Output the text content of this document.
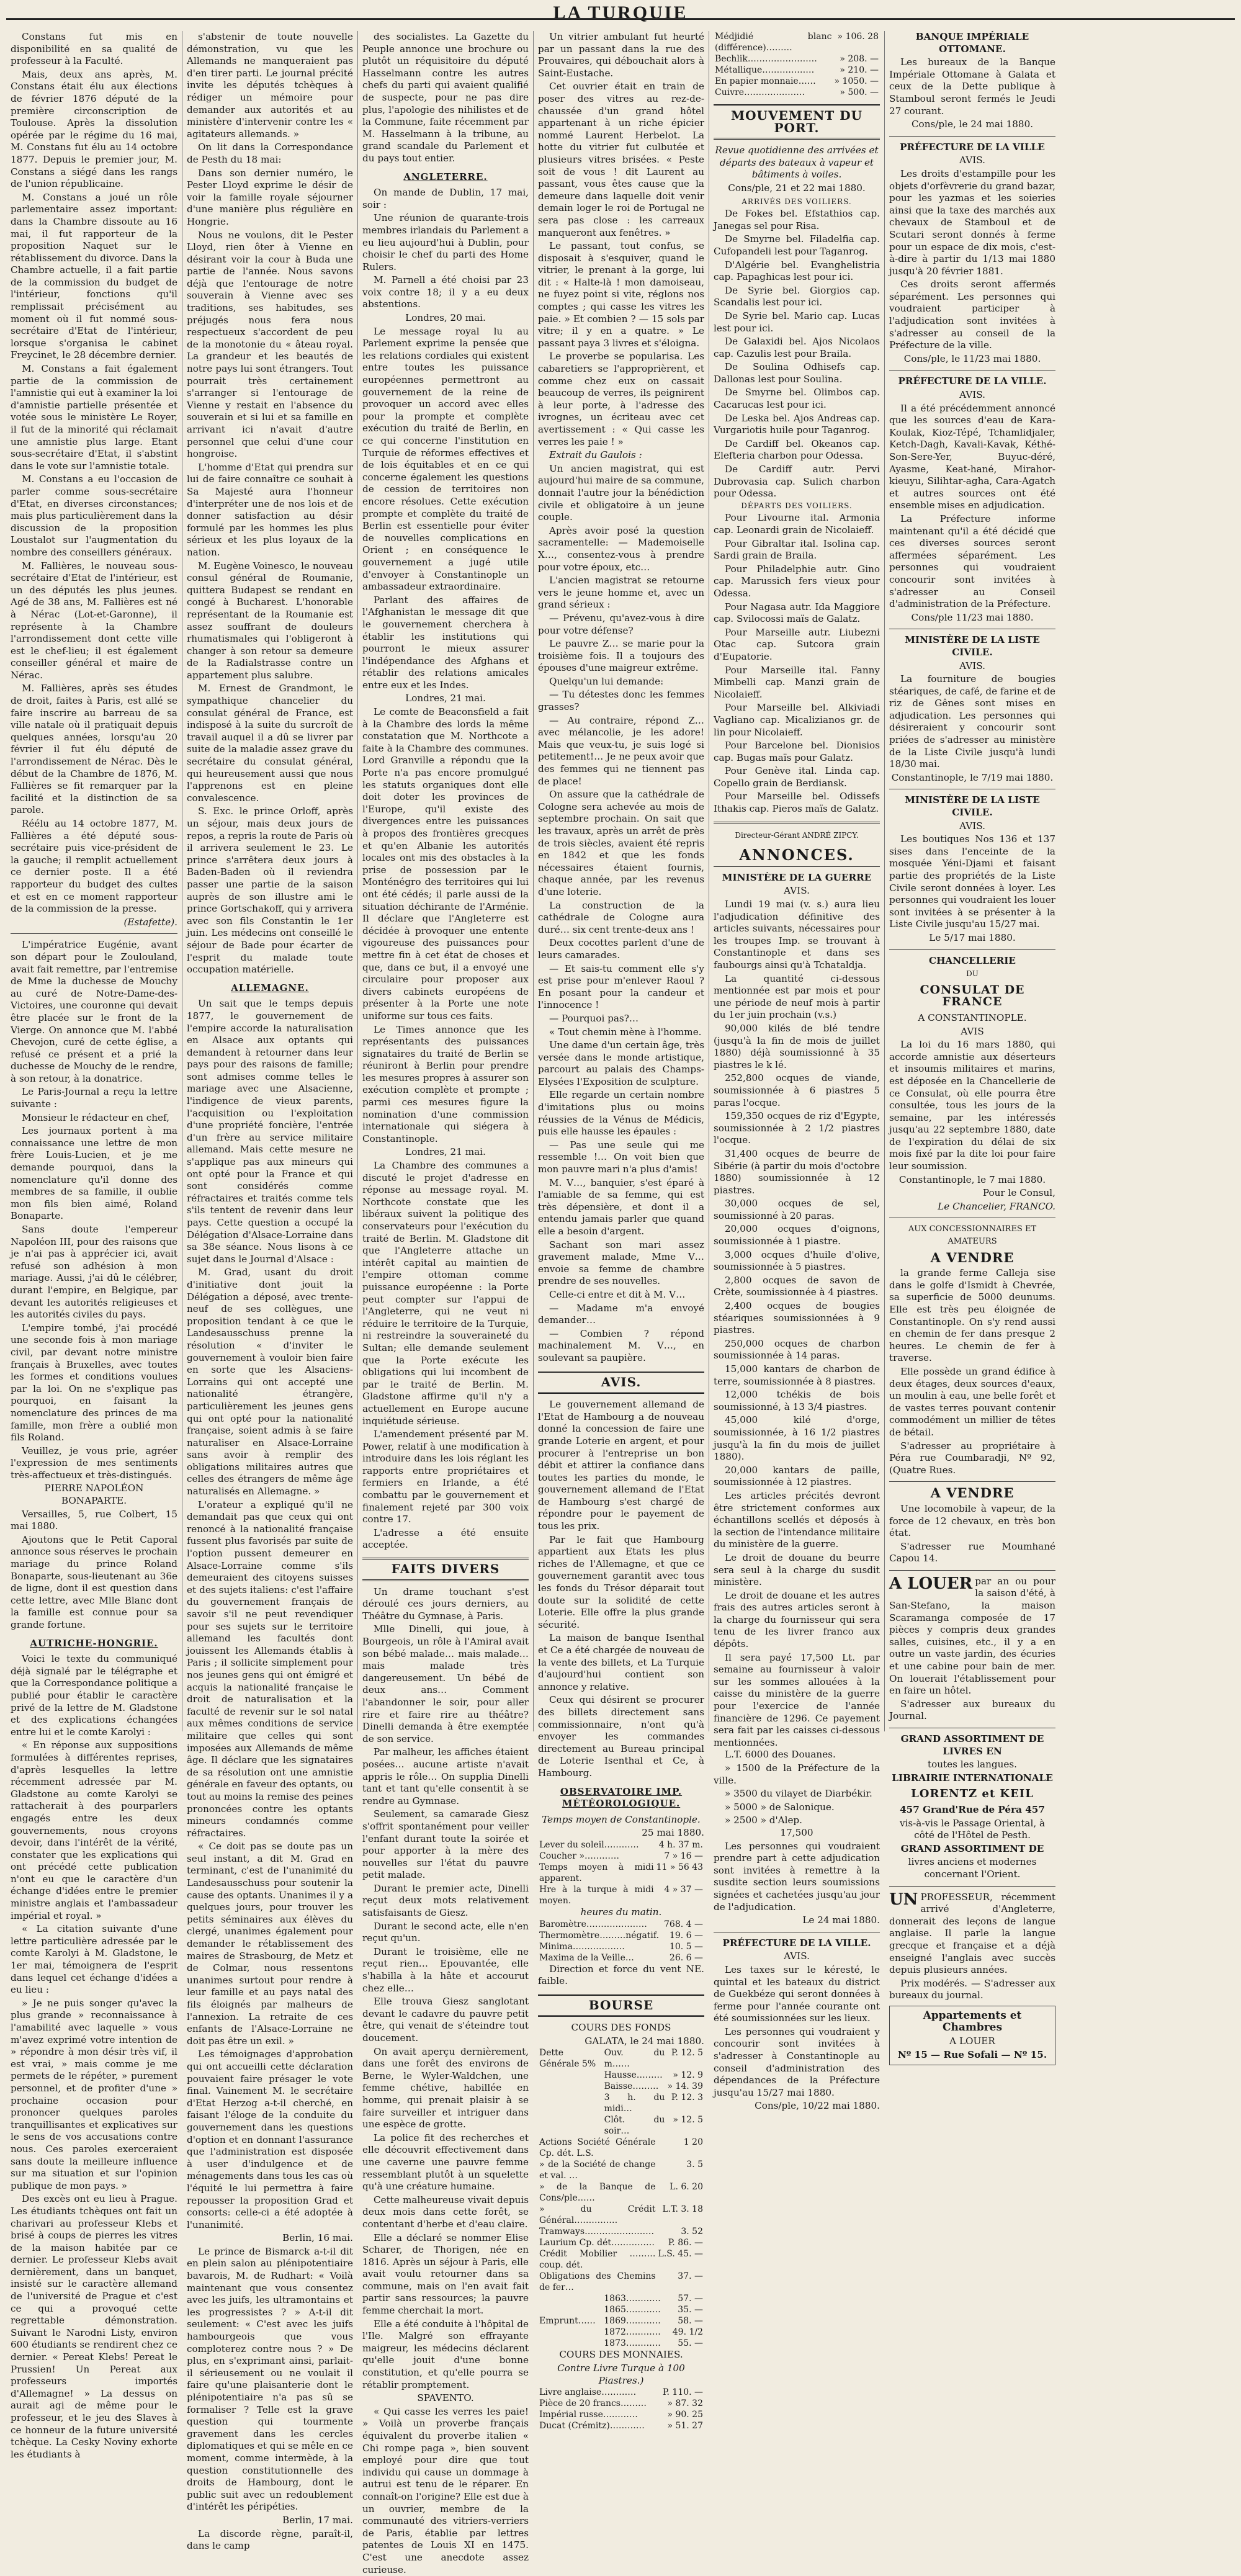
LA TURQUIE

Constans fut mis en disponibilité en sa qualité de professeur à la Faculté.

Mais, deux ans après, M. Constans était élu aux élections de février 1876 député de la première circonscription de Toulouse. Après la dissolution opérée par le régime du 16 mai, M. Constans fut élu au 14 octobre 1877. Depuis le premier jour, M. Constans a siégé dans les rangs de l'union républicaine.

M. Constans a joué un rôle parlementaire assez important: dans la Chambre dissoute au 16 mai, il fut rapporteur de la proposition Naquet sur le rétablissement du divorce. Dans la Chambre actuelle, il a fait partie de la commission du budget de l'intérieur, fonctions qu'il remplissait précisément au moment où il fut nommé sous-secrétaire d'Etat de l'intérieur, lorsque s'organisa le cabinet Freycinet, le 28 décembre dernier.

M. Constans a fait également partie de la commission de l'amnistie qui eut à examiner la loi d'amnistie partielle présentée et votée sous le ministère Le Royer, il fut de la minorité qui réclamait une amnistie plus large. Etant sous-secrétaire d'Etat, il s'abstint dans le vote sur l'amnistie totale.

M. Constans a eu l'occasion de parler comme sous-secrétaire d'Etat, en diverses circonstances; mais plus particulièrement dans la discussion de la proposition Loustalot sur l'augmentation du nombre des conseillers généraux.

M. Fallières, le nouveau sous-secrétaire d'Etat de l'intérieur, est un des députés les plus jeunes. Agé de 38 ans, M. Fallières est né à Nérac (Lot-et-Garonne), il représente à la Chambre l'arrondissement dont cette ville est le chef-lieu; il est également conseiller général et maire de Nérac.

M. Fallières, après ses études de droit, faites à Paris, est allé se faire inscrire au barreau de sa ville natale où il pratiquait depuis quelques années, lorsqu'au 20 février il fut élu député de l'arrondissement de Nérac. Dès le début de la Chambre de 1876, M. Fallières se fit remarquer par la facilité et la distinction de sa parole.

Réélu au 14 octobre 1877, M. Fallières a été député sous-secrétaire puis vice-président de la gauche; il remplit actuellement ce dernier poste. Il a été rapporteur du budget des cultes et est en ce moment rapporteur de la commission de la presse.

(Estafette).

L'impératrice Eugénie, avant son départ pour le Zoulouland, avait fait remettre, par l'entremise de Mme la duchesse de Mouchy au curé de Notre-Dame-des-Victoires, une couronne qui devait être placée sur le front de la Vierge. On annonce que M. l'abbé Chevojon, curé de cette église, a refusé ce présent et a prié la duchesse de Mouchy de le rendre, à son retour, à la donatrice.

Le Paris-Journal a reçu la lettre suivante :

Monsieur le rédacteur en chef,

Les journaux portent à ma connaissance une lettre de mon frère Louis-Lucien, et je me demande pourquoi, dans la nomenclature qu'il donne des membres de sa famille, il oublie mon fils bien aimé, Roland Bonaparte.

Sans doute l'empereur Napoléon III, pour des raisons que je n'ai pas à apprécier ici, avait refusé son adhésion à mon mariage. Aussi, j'ai dû le célébrer, durant l'empire, en Belgique, par devant les autorités religieuses et les autorités civiles du pays.

L'empire tombé, j'ai procédé une seconde fois à mon mariage civil, par devant notre ministre français à Bruxelles, avec toutes les formes et conditions voulues par la loi. On ne s'explique pas pourquoi, en faisant la nomenclature des princes de ma famille, mon frère a oublié mon fils Roland.

Veuillez, je vous prie, agréer l'expression de mes sentiments très-affectueux et très-distingués.

PIERRE NAPOLÉON BONAPARTE.

Versailles, 5, rue Colbert, 15 mai 1880.

Ajoutons que le Petit Caporal annonce sous réserves le prochain mariage du prince Roland Bonaparte, sous-lieutenant au 36e de ligne, dont il est question dans cette lettre, avec Mlle Blanc dont la famille est connue pour sa grande fortune.

AUTRICHE-HONGRIE.

Voici le texte du communiqué déjà signalé par le télégraphe et que la Correspondance politique a publié pour établir le caractère privé de la lettre de M. Gladstone et des explications échangées entre lui et le comte Karolyi :

« En réponse aux suppositions formulées à différentes reprises, d'après lesquelles la lettre récemment adressée par M. Gladstone au comte Karolyi se rattacherait à des pourparlers engagés entre les deux gouvernements, nous croyons devoir, dans l'intérêt de la vérité, constater que les explications qui ont précédé cette publication n'ont eu que le caractère d'un échange d'idées entre le premier ministre anglais et l'ambassadeur impérial et royal. »

« La citation suivante d'une lettre particulière adressée par le comte Karolyi à M. Gladstone, le 1er mai, témoignera de l'esprit dans lequel cet échange d'idées a eu lieu :

» Je ne puis songer qu'avec la plus grande » reconnaissance à l'amabilité avec laquelle » vous m'avez exprimé votre intention de » répondre à mon désir très vif, il est vrai, » mais comme je me permets de le répéter, » purement personnel, et de profiter d'une » prochaine occasion pour prononcer quelques paroles tranquillisantes et explicatives sur le sens de vos accusations contre nous. Ces paroles exerceraient sans doute la meilleure influence sur ma situation et sur l'opinion publique de mon pays. »

Des excès ont eu lieu à Prague. Les étudiants tchèques ont fait un charivari au professeur Klebs et brisé à coups de pierres les vitres de la maison habitée par ce dernier. Le professeur Klebs avait dernièrement, dans un banquet, insisté sur le caractère allemand de l'université de Prague et c'est ce qui a provoqué cette regrettable démonstration. Suivant le Narodni Listy, environ 600 étudiants se rendirent chez ce dernier. « Pereat Klebs! Pereat le Prussien! Un Pereat aux professeurs importés d'Allemagne! » La dessus on aurait agi de même pour le professeur, et le jeu des Slaves à ce honneur de la future université tchèque. La Cesky Noviny exhorte les étudiants à

s'abstenir de toute nouvelle démonstration, vu que les Allemands ne manqueraient pas d'en tirer parti. Le journal précité invite les députés tchèques à rédiger un mémoire pour demander aux autorités et au ministère d'intervenir contre les « agitateurs allemands. »

On lit dans la Correspondance de Pesth du 18 mai:

Dans son dernier numéro, le Pester Lloyd exprime le désir de voir la famille royale séjourner d'une manière plus régulière en Hongrie.

Nous ne voulons, dit le Pester Lloyd, rien ôter à Vienne en désirant voir la cour à Buda une partie de l'année. Nous savons déjà que l'entourage de notre souverain à Vienne avec ses traditions, ses habitudes, ses préjugés nous fera nous respectueux s'accordent de peu de la monotonie du « âteau royal. La grandeur et les beautés de notre pays lui sont étrangers. Tout pourrait très certainement s'arranger si l'entourage de Vienne y restait en l'absence du souverain et si lui et sa famille en arrivant ici n'avait d'autre personnel que celui d'une cour hongroise.

L'homme d'Etat qui prendra sur lui de faire connaître ce souhait à Sa Majesté aura l'honneur d'interpréter une de nos lois et de donner satisfaction au désir formulé par les hommes les plus sérieux et les plus loyaux de la nation.

M. Eugène Voinesco, le nouveau consul général de Roumanie, quittera Budapest se rendant en congé à Bucharest. L'honorable représentant de la Roumanie est assez souffrant de douleurs rhumatismales qui l'obligeront à changer à son retour sa demeure de la Radialstrasse contre un appartement plus salubre.

M. Ernest de Grandmont, le sympathique chancelier du consulat général de France, est indisposé à la suite du surcroît de travail auquel il a dû se livrer par suite de la maladie assez grave du secrétaire du consulat général, qui heureusement aussi que nous l'apprenons est en pleine convalescence.

S. Exc. le prince Orloff, après un séjour, mais deux jours de repos, a repris la route de Paris où il arrivera seulement le 23. Le prince s'arrêtera deux jours à Baden-Baden où il reviendra passer une partie de la saison auprès de son illustre ami le prince Gortschakoff, qui y arrivera avec son fils Constantin le 1er juin. Les médecins ont conseillé le séjour de Bade pour écarter de l'esprit du malade toute occupation matérielle.

ALLEMAGNE.

Un sait que le temps depuis 1877, le gouvernement de l'empire accorde la naturalisation en Alsace aux optants qui demandent à retourner dans leur pays pour des raisons de famille; sont admises comme telles le mariage avec une Alsacienne, l'indigence de vieux parents, l'acquisition ou l'exploitation d'une propriété foncière, l'entrée d'un frère au service militaire allemand. Mais cette mesure ne s'applique pas aux mineurs qui ont opté pour la France et qui sont considérés comme réfractaires et traités comme tels s'ils tentent de revenir dans leur pays. Cette question a occupé la Délégation d'Alsace-Lorraine dans sa 38e séance. Nous lisons à ce sujet dans le Journal d'Alsace :

M. Grad, usant du droit d'initiative dont jouit la Délégation a déposé, avec trente-neuf de ses collègues, une proposition tendant à ce que le Landesausschuss prenne la résolution « d'inviter le gouvernement à vouloir bien faire en sorte que les Alsaciens-Lorrains qui ont accepté une nationalité étrangère, particulièrement les jeunes gens qui ont opté pour la nationalité française, soient admis à se faire naturaliser en Alsace-Lorraine sans avoir à remplir des obligations militaires autres que celles des étrangers de même âge naturalisés en Allemagne. »

L'orateur a expliqué qu'il ne demandait pas que ceux qui ont renoncé à la nationalité française fussent plus favorisés par suite de l'option pussent demeurer en Alsace-Lorraine comme s'ils demeuraient des citoyens suisses et des sujets italiens: c'est l'affaire du gouvernement français de savoir s'il ne peut revendiquer pour ses sujets sur le territoire allemand les facultés dont jouissent les Allemands établis à Paris ; il sollicite simplement pour nos jeunes gens qui ont émigré et acquis la nationalité française le droit de naturalisation et la faculté de revenir sur le sol natal aux mêmes conditions de service militaire que celles qui sont imposées aux Allemands de même âge. Il déclare que les signataires de sa résolution ont une amnistie générale en faveur des optants, ou tout au moins la remise des peines prononcées contre les optants mineurs condamnés comme réfractaires.

« Ce doit pas se doute pas un seul instant, a dit M. Grad en terminant, c'est de l'unanimité du Landesausschuss pour soutenir la cause des optants. Unanimes il y a quelques jours, pour trouver les petits séminaires aux élèves du clergé, unanimes également pour demander le rétablissement des maires de Strasbourg, de Metz et de Colmar, nous ressentons unanimes surtout pour rendre à leur famille et au pays natal des fils éloignés par malheurs de l'annexion. La retraite de ces enfants de l'Alsace-Lorraine ne doit pas être un exil. »

Les témoignages d'approbation qui ont accueilli cette déclaration pouvaient faire présager le vote final. Vainement M. le secrétaire d'Etat Herzog a-t-il cherché, en faisant l'éloge de la conduite du gouvernement dans les questions d'option et en donnant l'assurance que l'administration est disposée à user d'indulgence et de ménagements dans tous les cas où l'équité le lui permettra à faire repousser la proposition Grad et consorts: celle-ci a été adoptée à l'unanimité.

Berlin, 16 mai.

Le prince de Bismarck a-t-il dit en plein salon au plénipotentiaire bavarois, M. de Rudhart: « Voilà maintenant que vous consentez avec les juifs, les ultramontains et les progressistes ? » A-t-il dit seulement: « C'est avec les juifs hambourgeois que vous comploterez contre nous ? » De plus, en s'exprimant ainsi, parlait-il sérieusement ou ne voulait il faire qu'une plaisanterie dont le plénipotentiaire n'a pas sû se formaliser ? Telle est la grave question qui tourmente gravement dans les cercles diplomatiques et qui se mêle en ce moment, comme intermède, à la question constitutionnelle des droits de Hambourg, dont le public suit avec un redoublement d'intérêt les péripéties.

Berlin, 17 mai.

La discorde règne, paraît-il, dans le camp

des socialistes. La Gazette du Peuple annonce une brochure ou plutôt un réquisitoire du député Hasselmann contre les autres chefs du parti qui avaient qualifié de suspecte, pour ne pas dire plus, l'apologie des nihilistes et de la Commune, faite récemment par M. Hasselmann à la tribune, au grand scandale du Parlement et du pays tout entier.

ANGLETERRE.

On mande de Dublin, 17 mai, soir :

Une réunion de quarante-trois membres irlandais du Parlement a eu lieu aujourd'hui à Dublin, pour choisir le chef du parti des Home Rulers.

M. Parnell a été choisi par 23 voix contre 18; il y a eu deux abstentions.

Londres, 20 mai.

Le message royal lu au Parlement exprime la pensée que les relations cordiales qui existent entre toutes les puissance européennes permettront au gouvernement de la reine de provoquer un accord avec elles pour la prompte et complète exécution du traité de Berlin, en ce qui concerne l'institution en Turquie de réformes effectives et de lois équitables et en ce qui concerne également les questions de cession de territoires non encore résolues. Cette exécution prompte et complète du traité de Berlin est essentielle pour éviter de nouvelles complications en Orient ; en conséquence le gouvernement a jugé utile d'envoyer à Constantinople un ambassadeur extraordinaire.

Parlant des affaires de l'Afghanistan le message dit que le gouvernement cherchera à établir les institutions qui pourront le mieux assurer l'indépendance des Afghans et rétablir des relations amicales entre eux et les Indes.

Londres, 21 mai.

Le comte de Beaconsfield a fait à la Chambre des lords la même constatation que M. Northcote a faite à la Chambre des communes. Lord Granville a répondu que la Porte n'a pas encore promulgué les statuts organiques dont elle doit doter les provinces de l'Europe, qu'il existe des divergences entre les puissances à propos des frontières grecques et qu'en Albanie les autorités locales ont mis des obstacles à la prise de possession par le Monténégro des territoires qui lui ont été cédés; il parle aussi de la situation déchirante de l'Arménie. Il déclare que l'Angleterre est décidée à provoquer une entente vigoureuse des puissances pour mettre fin à cet état de choses et que, dans ce but, il a envoyé une circulaire pour proposer aux divers cabinets européens de présenter à la Porte une note uniforme sur tous ces faits.

Le Times annonce que les représentants des puissances signataires du traité de Berlin se réuniront à Berlin pour prendre les mesures propres à assurer son exécution complète et prompte ; parmi ces mesures figure la nomination d'une commission internationale qui siégera à Constantinople.

Londres, 21 mai.

La Chambre des communes a discuté le projet d'adresse en réponse au message royal. M. Northcote constate que les libéraux suivent la politique des conservateurs pour l'exécution du traité de Berlin. M. Gladstone dit que l'Angleterre attache un intérêt capital au maintien de l'empire ottoman comme puissance européenne : la Porte peut compter sur l'appui de l'Angleterre, qui ne veut ni réduire le territoire de la Turquie, ni restreindre la souveraineté du Sultan; elle demande seulement que la Porte exécute les obligations qui lui incombent de par le traité de Berlin. M. Gladstone affirme qu'il n'y a actuellement en Europe aucune inquiétude sérieuse.

L'amendement présenté par M. Power, relatif à une modification à introduire dans les lois réglant les rapports entre propriétaires et fermiers en Irlande, a été combattu par le gouvernement et finalement rejeté par 300 voix contre 17.

L'adresse a été ensuite acceptée.

FAITS DIVERS

Un drame touchant s'est déroulé ces jours derniers, au Théâtre du Gymnase, à Paris.

Mlle Dinelli, qui joue, à Bourgeois, un rôle à l'Amiral avait son bébé malade… mais malade… mais malade très dangereusement. Un bébé de deux ans… Comment l'abandonner le soir, pour aller rire et faire rire au théâtre? Dinelli demanda à être exemptée de son service.

Par malheur, les affiches étaient posées… aucune artiste n'avait appris le rôle… On supplia Dinelli tant et tant qu'elle consentit à se rendre au Gymnase.

Seulement, sa camarade Giesz s'offrit spontanément pour veiller l'enfant durant toute la soirée et pour apporter à la mère des nouvelles sur l'état du pauvre petit malade.

Durant le premier acte, Dinelli reçut deux mots relativement satisfaisants de Giesz.

Durant le second acte, elle n'en reçut qu'un.

Durant le troisième, elle ne reçut rien… Epouvantée, elle s'habilla à la hâte et accourut chez elle…

Elle trouva Giesz sanglotant devant le cadavre du pauvre petit être, qui venait de s'éteindre tout doucement.

On avait aperçu dernièrement, dans une forêt des environs de Berne, le Wyler-Waldchen, une femme chétive, habillée en homme, qui prenait plaisir à se faire surveiller et intriguer dans une espèce de grotte.

La police fit des recherches et elle découvrit effectivement dans une caverne une pauvre femme ressemblant plutôt à un squelette qu'à une créature humaine.

Cette malheureuse vivait depuis deux mois dans cette forêt, se contentant d'herbe et d'eau claire.

Elle a déclaré se nommer Elise Scharer, de Thorigen, née en 1816. Après un séjour à Paris, elle avait voulu retourner dans sa commune, mais on l'en avait fait partir sans ressources; la pauvre femme cherchait la mort.

Elle a été conduite à l'hôpital de l'Ile. Malgré son effrayante maigreur, les médecins déclarent qu'elle jouit d'une bonne constitution, et qu'elle pourra se rétablir promptement.

SPAVENTO.

« Qui casse les verres les paie! » Voilà un proverbe français équivalent du proverbe italien « Chi rompe paga », bien souvent employé pour dire que tout individu qui cause un dommage à autrui est tenu de le réparer. En connaît-on l'origine? Elle est due à un ouvrier, membre de la communauté des vitriers-verriers de Paris, établie par lettres patentes de Louis XI en 1475. C'est une anecdote assez curieuse.

Un vitrier ambulant fut heurté par un passant dans la rue des Prouvaires, qui débouchait alors à Saint-Eustache.

Cet ouvrier était en train de poser des vitres au rez-de-chaussée d'un grand hôtel appartenant à un riche épicier nommé Laurent Herbelot. La hotte du vitrier fut culbutée et plusieurs vitres brisées. « Peste soit de vous ! dit Laurent au passant, vous êtes cause que la demeure dans laquelle doit venir demain loger le roi de Portugal ne sera pas close : les carreaux manqueront aux fenêtres. »

Le passant, tout confus, se disposait à s'esquiver, quand le vitrier, le prenant à la gorge, lui dit : « Halte-là ! mon damoiseau, ne fuyez point si vite, réglons nos comptes ; qui casse les vitres les paie. » Et combien ? — 15 sols par vitre; il y en a quatre. » Le passant paya 3 livres et s'éloigna.

Le proverbe se popularisa. Les cabaretiers se l'approprièrent, et comme chez eux on cassait beaucoup de verres, ils peignirent à leur porte, à l'adresse des ivrognes, un écriteau avec cet avertissement : « Qui casse les verres les paie ! »

Extrait du Gaulois :

Un ancien magistrat, qui est aujourd'hui maire de sa commune, donnait l'autre jour la bénédiction civile et obligatoire à un jeune couple.

Après avoir posé la question sacramentelle: — Mademoiselle X…, consentez-vous à prendre pour votre époux, etc…

L'ancien magistrat se retourne vers le jeune homme et, avec un grand sérieux :

— Prévenu, qu'avez-vous à dire pour votre défense?

Le pauvre Z… se marie pour la troisième fois. Il a toujours des épouses d'une maigreur extrême.

Quelqu'un lui demande:

— Tu détestes donc les femmes grasses?

— Au contraire, répond Z… avec mélancolie, je les adore! Mais que veux-tu, je suis logé si petitement!… Je ne peux avoir que des femmes qui ne tiennent pas de place!

On assure que la cathédrale de Cologne sera achevée au mois de septembre prochain. On sait que les travaux, après un arrêt de près de trois siècles, avaient été repris en 1842 et que les fonds nécessaires étaient fournis, chaque année, par les revenus d'une loterie.

La construction de la cathédrale de Cologne aura duré… six cent trente-deux ans !

Deux cocottes parlent d'une de leurs camarades.

— Et sais-tu comment elle s'y est prise pour m'enlever Raoul ? En posant pour la candeur et l'innocence !

— Pourquoi pas?…

« Tout chemin mène à l'homme.

Une dame d'un certain âge, très versée dans le monde artistique, parcourt au palais des Champs-Elysées l'Exposition de sculpture.

Elle regarde un certain nombre d'imitations plus ou moins réussies de la Vénus de Médicis, puis elle hausse les épaules :

— Pas une seule qui me ressemble !… On voit bien que mon pauvre mari n'a plus d'amis!

M. V…, banquier, s'est éparé à l'amiable de sa femme, qui est très dépensière, et dont il a entendu jamais parler que quand elle a besoin d'argent.

Sachant son mari assez gravement malade, Mme V… envoie sa femme de chambre prendre de ses nouvelles.

Celle-ci entre et dit à M. V…

— Madame m'a envoyé demander…

— Combien ? répond machinalement M. V…, en soulevant sa paupière.

AVIS.

Le gouvernement allemand de l'Etat de Hambourg a de nouveau donné la concession de faire une grande Loterie en argent, et pour procurer à l'entreprise un bon débit et attirer la confiance dans toutes les parties du monde, le gouvernement allemand de l'Etat de Hambourg s'est chargé de répondre pour le payement de tous les prix.

Par le fait que Hambourg appartient aux Etats les plus riches de l'Allemagne, et que ce gouvernement garantit avec tous les fonds du Trésor déparait tout doute sur la solidité de cette Loterie. Elle offre la plus grande sécurité.

La maison de banque Isenthal et Ce a été chargée de nouveau de la vente des billets, et La Turquie d'aujourd'hui contient son annonce y relative.

Ceux qui désirent se procurer des billets directement sans commissionnaire, n'ont qu'à envoyer les commandes directement au Bureau principal de Loterie Isenthal et Ce, à Hambourg.

OBSERVATOIRE IMP. MÉTÉOROLOGIQUE.

Temps moyen de Constantinople.

25 mai 1880.

Lever du soleil…………	4 h. 37 m.
Coucher »…………	7 » 16 —
Temps moyen à midi apparent.	11 » 56 43
Hre à la turque à midi moyen.	4 » 37 —

heures du matin.

Baromètre…………………	768. 4 —
Thermomètre………négatif.	19. 6 —
Minima………………	10. 5 —
Maxima de la Veille…	26. 6 —

Direction et force du vent NE. faible.

BOURSE

COURS DES FONDS

GALATA, le 24 mai 1880.

Dette Générale 5%	Ouv. du m……	P. 12. 5
	Hausse………	» 12. 9
	Baisse………	» 14. 39
	3 h. du midi…	P. 12. 3
	Clôt. du soir…	» 12. 5
Actions Société Générale Cp. dét. L.S.	1 20
» de la Société de change et val. …	3. 5
» de la Banque de Cons/ple……	L. 6. 20
» du Crédit Général……………	L.T. 3. 18
Tramways……………………	3. 52
Laurium Cp. dét……………	P. 86. —
Crédit Mobilier ………coup. dét.	L.S. 45. —
Obligations des Chemins de fer…	37. —
	1863…………	57. —
	1865…………	35. —
Emprunt……	1869…………	58. —
	1872…………	49. 1/2
	1873…………	55. —

COURS DES MONNAIES.

Contre Livre Turque à 100 Piastres.)

Livre anglaise…………	P. 110. —
Pièce de 20 francs………	» 87. 32
Impérial russe…………	» 90. 25
Ducat (Crémitz)…………	» 51. 27
Médjidié blanc (différence)………	» 106. 28
Bechlik……………………	» 208. —
Métallique………………	» 210. —
En papier monnaie……	» 1050. —
Cuivre…………………	» 500. —
MOUVEMENT DU PORT.

Revue quotidienne des arrivées et départs des bateaux à vapeur et bâtiments à voiles.

Cons/ple, 21 et 22 mai 1880.

ARRIVÉS DES VOILIERS.

De Fokes bel. Efstathios cap. Janegas sel pour Risa.

De Smyrne bel. Filadelfia cap. Cufopandeli lest pour Taganrog.

D'Algérie bel. Evanghelistria cap. Papaghicas lest pour ici.

De Syrie bel. Giorgios cap. Scandalis lest pour ici.

De Syrie bel. Mario cap. Lucas lest pour ici.

De Galaxidi bel. Ajos Nicolaos cap. Cazulis lest pour Braila.

De Soulina Odhisefs cap. Dallonas lest pour Soulina.

De Smyrne bel. Olimbos cap. Cacarucas lest pour ici.

De Leska bel. Ajos Andreas cap. Vurgariotis huile pour Taganrog.

De Cardiff bel. Okeanos cap. Elefteria charbon pour Odessa.

De Cardiff autr. Pervi Dubrovasia cap. Sulich charbon pour Odessa.

DÉPARTS DES VOILIERS.

Pour Livourne ital. Armonia cap. Leonardi grain de Nicolaieff.

Pour Gibraltar ital. Isolina cap. Sardi grain de Braila.

Pour Philadelphie autr. Gino cap. Marussich fers vieux pour Odessa.

Pour Nagasa autr. Ida Maggiore cap. Svilocossi maïs de Galatz.

Pour Marseille autr. Liubezni Otac cap. Sutcora grain d'Eupatorie.

Pour Marseille ital. Fanny Mimbelli cap. Manzi grain de Nicolaieff.

Pour Marseille bel. Alkiviadi Vagliano cap. Micalizianos gr. de lin pour Nicolaieff.

Pour Barcelone bel. Dionisios cap. Bugas maïs pour Galatz.

Pour Genève ital. Linda cap. Copello grain de Berdiansk.

Pour Marseille bel. Odissefs Ithakis cap. Pieros maïs de Galatz.

Directeur-Gérant ANDRÉ ZIPCY.

ANNONCES.

MINISTÈRE DE LA GUERRE

AVIS.

Lundi 19 mai (v. s.) aura lieu l'adjudication définitive des articles suivants, nécessaires pour les troupes Imp. se trouvant à Constantinople et dans ses faubourgs ainsi qu'à Tchataldja.

La quantité ci-dessous mentionnée est par mois et pour une période de neuf mois à partir du 1er juin prochain (v.s.)

90,000 kilés de blé tendre (jusqu'à la fin de mois de juillet 1880) déjà soumissionné à 35 piastres le k lé.

252,800 ocques de viande, soumissionnée à 6 piastres 5 paras l'ocque.

159,350 ocques de riz d'Egypte, soumissionnée à 2 1/2 piastres l'ocque.

31,400 ocques de beurre de Sibérie (à partir du mois d'octobre 1880) soumissionnée à 12 piastres.

30,000 ocques de sel, soumissionné à 20 paras.

20,000 ocques d'oignons, soumissionnée à 1 piastre.

3,000 ocques d'huile d'olive, soumissionnée à 5 piastres.

2,800 ocques de savon de Crète, soumissionnée à 4 piastres.

2,400 ocques de bougies stéariques soumissionnées à 9 piastres.

250,000 ocques de charbon soumissionnée à 14 paras.

15,000 kantars de charbon de terre, soumissionnée à 8 piastres.

12,000 tchékis de bois soumissionné, à 13 3/4 piastres.

45,000 kilé d'orge, soumissionnée, à 16 1/2 piastres jusqu'à la fin du mois de juillet 1880).

20,000 kantars de paille, soumissionnée à 12 piastres.

Les articles précités devront être strictement conformes aux échantillons scellés et déposés à la section de l'intendance militaire du ministère de la guerre.

Le droit de douane du beurre sera seul à la charge du susdit ministère.

Le droit de douane et les autres frais des autres articles seront à la charge du fournisseur qui sera tenu de les livrer franco aux dépôts.

Il sera payé 17,500 Lt. par semaine au fournisseur à valoir sur les sommes allouées à la caisse du ministère de la guerre pour l'exercice de l'année financière de 1296. Ce payement sera fait par les caisses ci-dessous mentionnées.

L.T. 6000 des Douanes.

» 1500 de la Préfecture de la ville.

» 3500 du vilayet de Diarbékir.

» 5000 » de Salonique.

» 2500 » d'Alep.

17,500

Les personnes qui voudraient prendre part à cette adjudication sont invitées à remettre à la susdite section leurs soumissions signées et cachetées jusqu'au jour de l'adjudication.

Le 24 mai 1880.

PRÉFECTURE DE LA VILLE.

AVIS.

Les taxes sur le kéresté, le quintal et les bateaux du district de Guekbéze qui seront données à ferme pour l'année courante ont été soumissionnées sur les lieux.

Les personnes qui voudraient y concourir sont invitées à s'adresser à Constantinople au conseil d'administration des dépendances de la Préfecture jusqu'au 15/27 mai 1880.

Cons/ple, 10/22 mai 1880.

BANQUE IMPÉRIALE OTTOMANE.

Les bureaux de la Banque Impériale Ottomane à Galata et ceux de la Dette publique à Stamboul seront fermés le Jeudi 27 courant.

Cons/ple, le 24 mai 1880.

PRÉFECTURE DE LA VILLE

AVIS.

Les droits d'estampille pour les objets d'orfèvrerie du grand bazar, pour les yazmas et les soieries ainsi que la taxe des marchés aux chevaux de Stamboul et de Scutari seront donnés à ferme pour un espace de dix mois, c'est-à-dire à partir du 1/13 mai 1880 jusqu'à 20 février 1881.

Ces droits seront affermés séparément. Les personnes qui voudraient participer à l'adjudication sont invitées à s'adresser au conseil de la Préfecture de la ville.

Cons/ple, le 11/23 mai 1880.

PRÉFECTURE DE LA VILLE.

AVIS.

Il a été précédemment annoncé que les sources d'eau de Kara-Koulak, Kioz-Tépé, Tchamlidjaler, Ketch-Dagh, Kavali-Kavak, Kéthé-Son-Sere-Yer, Buyuc-déré, Ayasme, Keat-hané, Mirahor-kieuyu, Silihtar-agha, Cara-Agatch et autres sources ont été ensemble mises en adjudication.

La Préfecture informe maintenant qu'il a été décidé que ces diverses sources seront affermées séparément. Les personnes qui voudraient concourir sont invitées à s'adresser au Conseil d'administration de la Préfecture.

Cons/ple 11/23 mai 1880.

MINISTÈRE DE LA LISTE CIVILE.

AVIS.

La fourniture de bougies stéariques, de café, de farine et de riz de Gênes sont mises en adjudication. Les personnes qui désireraient y concourir sont priées de s'adresser au ministère de la Liste Civile jusqu'à lundi 18/30 mai.

Constantinople, le 7/19 mai 1880.

MINISTÈRE DE LA LISTE CIVILE.

AVIS.

Les boutiques Nos 136 et 137 sises dans l'enceinte de la mosquée Yéni-Djami et faisant partie des propriétés de la Liste Civile seront données à loyer. Les personnes qui voudraient les louer sont invitées à se présenter à la Liste Civile jusqu'au 15/27 mai.

Le 5/17 mai 1880.

CHANCELLERIE

DU

CONSULAT DE FRANCE

A CONSTANTINOPLE.

AVIS

La loi du 16 mars 1880, qui accorde amnistie aux déserteurs et insoumis militaires et marins, est déposée en la Chancellerie de ce Consulat, où elle pourra être consultée, tous les jours de la semaine, par les intéressés jusqu'au 22 septembre 1880, date de l'expiration du délai de six mois fixé par la dite loi pour faire leur soumission.

Constantinople, le 7 mai 1880.

Pour le Consul,

Le Chancelier, FRANCO.

AUX CONCESSIONNAIRES ET AMATEURS

A VENDRE

la grande ferme Calleja sise dans le golfe d'Ismidt à Chevrée, sa superficie de 5000 deunums. Elle est très peu éloignée de Constantinople. On s'y rend aussi en chemin de fer dans presque 2 heures. Le chemin de fer à traverse.

Elle possède un grand édifice à deux étages, deux sources d'eaux, un moulin à eau, une belle forêt et de vastes terres pouvant contenir commodément un millier de têtes de bétail.

S'adresser au propriétaire à Péra rue Coumbaradji, Nº 92, (Quatre Rues.

A VENDRE

Une locomobile à vapeur, de la force de 12 chevaux, en très bon état.

S'adresser rue Moumhané Capou 14.

A LOUER par an ou pour la saison d'été, à San-Stefano, la maison Scaramanga composée de 17 pièces y compris deux grandes salles, cuisines, etc., il y a en outre un vaste jardin, des écuries et une cabine pour bain de mer. On louerait l'établissement pour en faire un hôtel.

S'adresser aux bureaux du Journal.

GRAND ASSORTIMENT DE LIVRES EN

toutes les langues.

LIBRAIRIE INTERNATIONALE

LORENTZ et KEIL

457 Grand'Rue de Péra 457

vis-à-vis le Passage Oriental, à côté de l'Hôtel de Pesth.

GRAND ASSORTIMENT DE

livres anciens et modernes concernant l'Orient.

UN PROFESSEUR, récemment arrivé d'Angleterre, donnerait des leçons de langue anglaise. Il parle la langue grecque et française et a déjà enseigné l'anglais avec succès depuis plusieurs années.

Prix modérés. — S'adresser aux bureaux du journal.

Appartements et Chambres

A LOUER

Nº 15 — Rue Sofali — Nº 15.
